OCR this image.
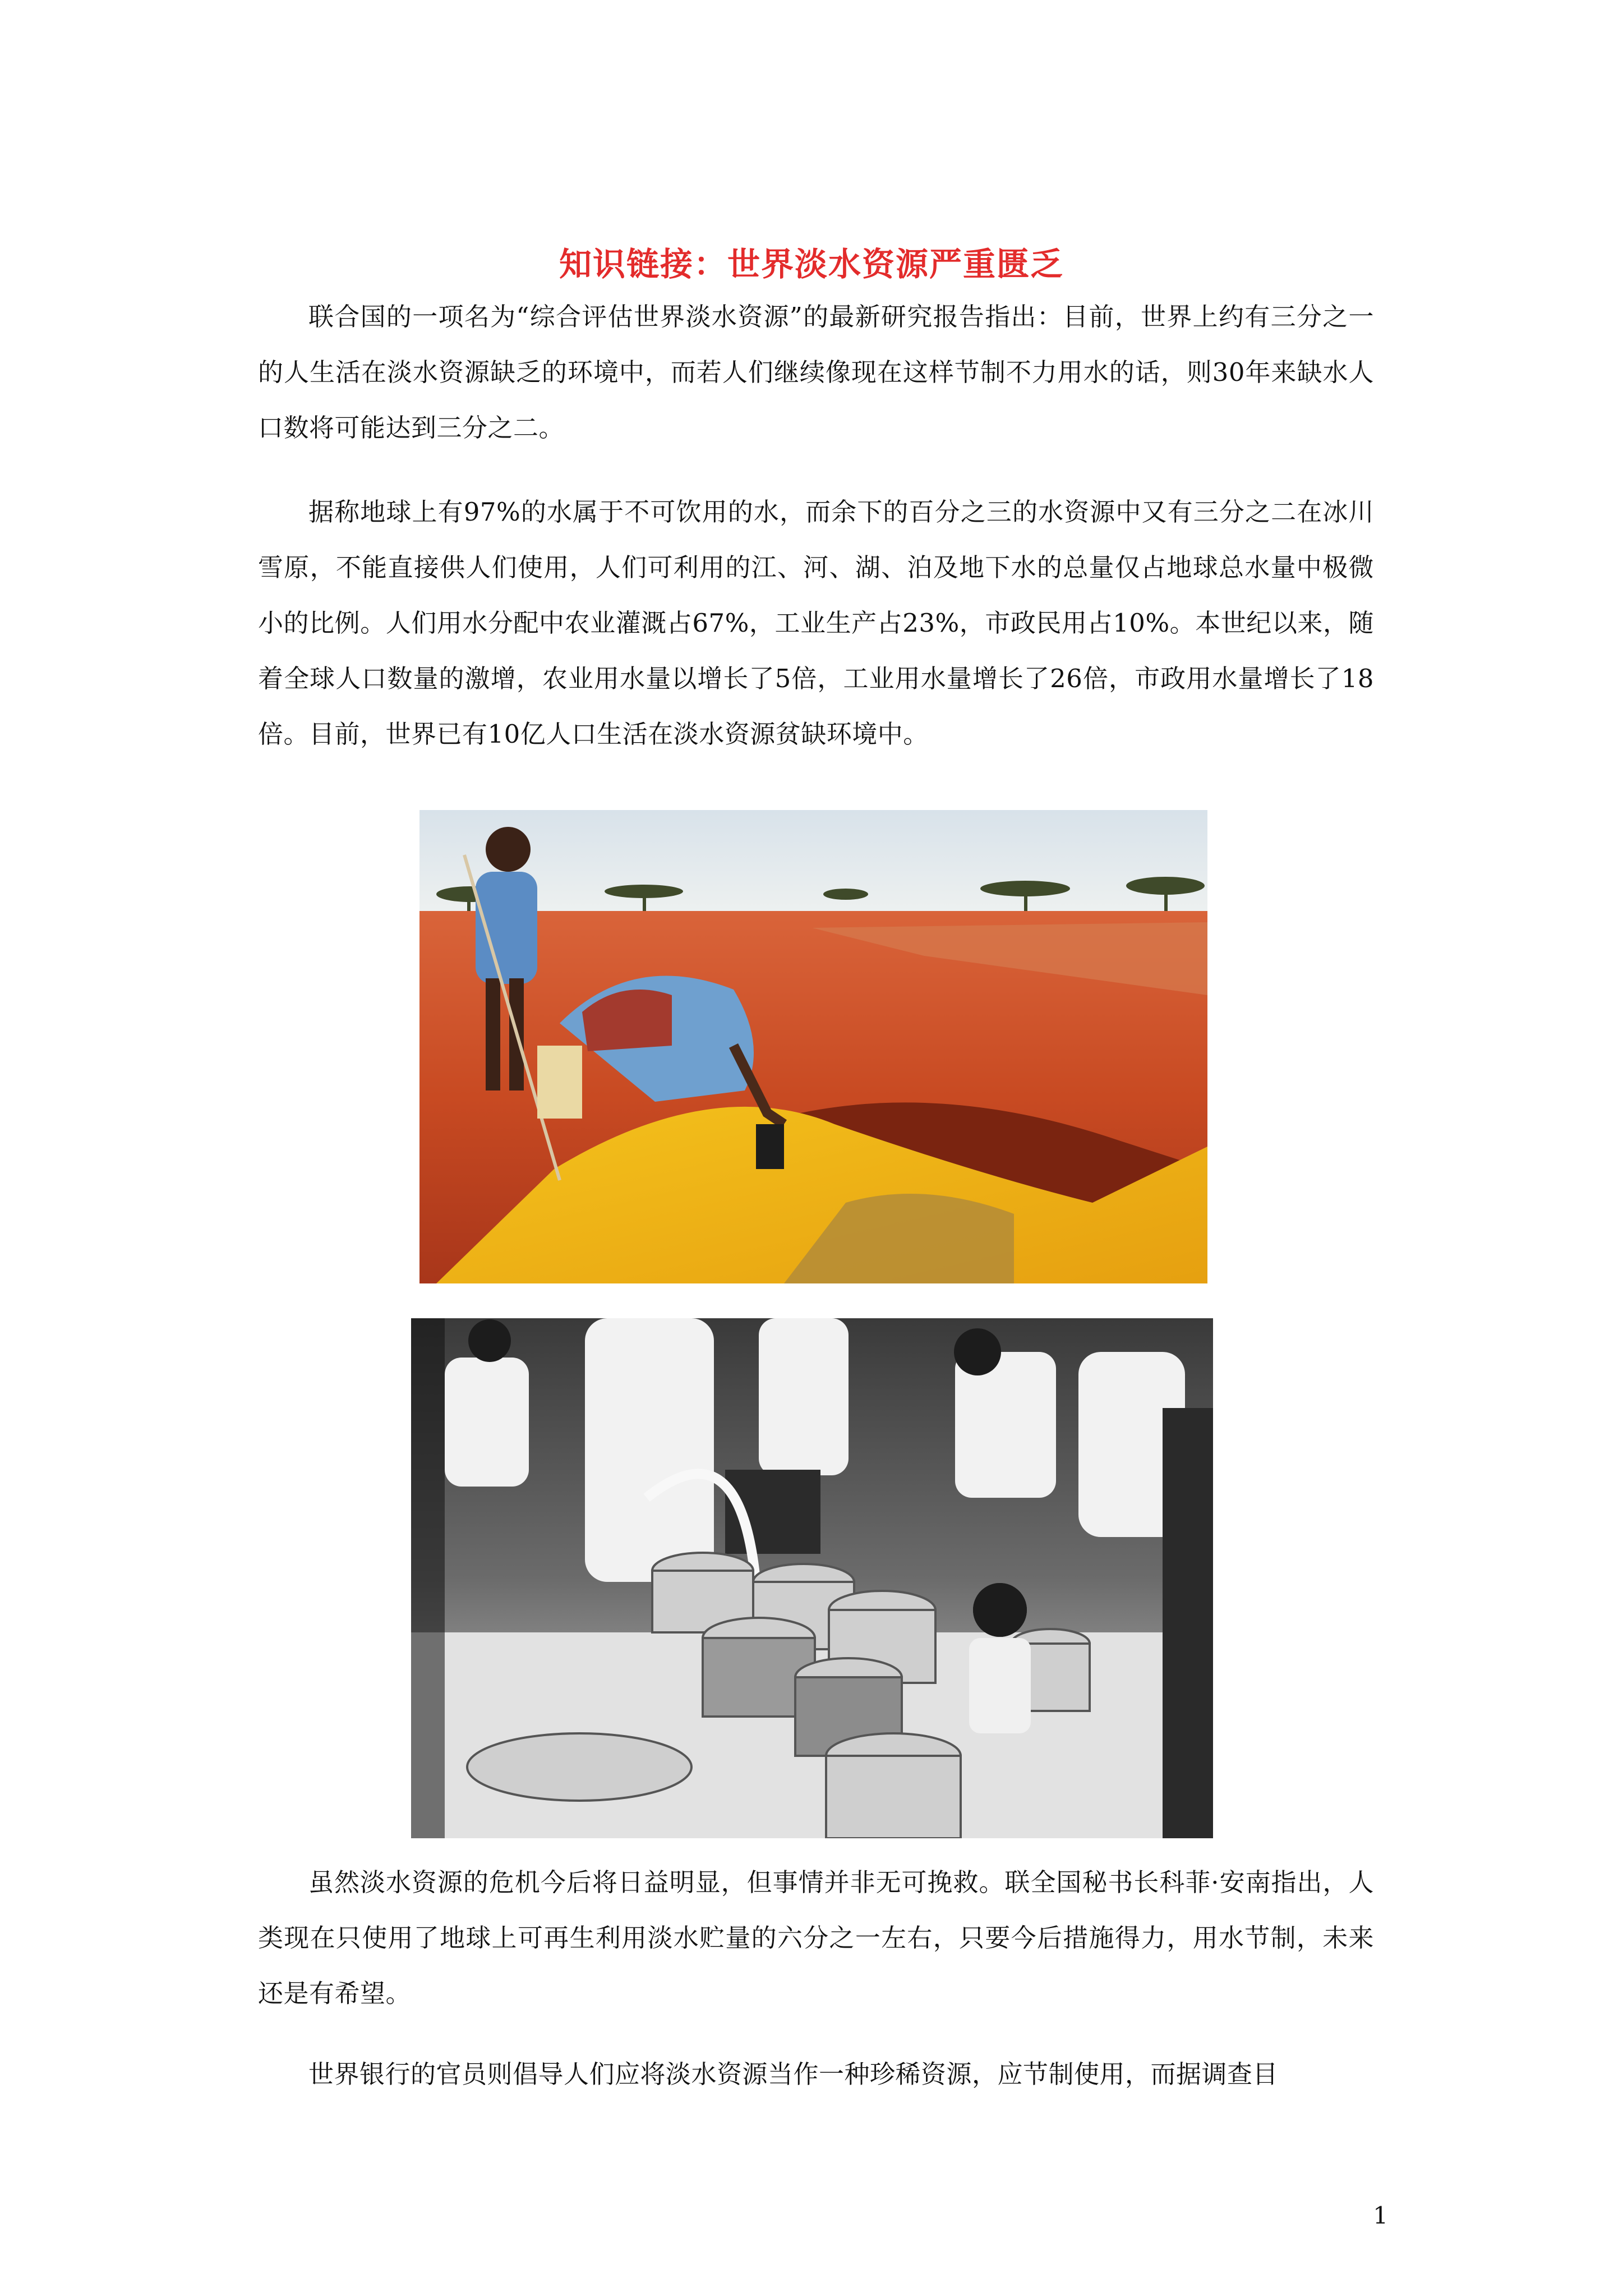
知识链接：世界淡水资源严重匮乏

联合国的一项名为“综合评估世界淡水资源”的最新研究报告指出：目前，世界上约有三分之一的人生活在淡水资源缺乏的环境中，而若人们继续像现在这样节制不力用水的话，则30年来缺水人口数将可能达到三分之二。

据称地球上有97%的水属于不可饮用的水，而余下的百分之三的水资源中又有三分之二在冰川雪原，不能直接供人们使用，人们可利用的江、河、湖、泊及地下水的总量仅占地球总水量中极微小的比例。人们用水分配中农业灌溉占67%，工业生产占23%，市政民用占10%。本世纪以来，随着全球人口数量的激增，农业用水量以增长了5倍，工业用水量增长了26倍，市政用水量增长了18倍。目前，世界已有10亿人口生活在淡水资源贫缺环境中。

虽然淡水资源的危机今后将日益明显，但事情并非无可挽救。联全国秘书长科菲·安南指出，人类现在只使用了地球上可再生利用淡水贮量的六分之一左右，只要今后措施得力，用水节制，未来还是有希望。

世界银行的官员则倡导人们应将淡水资源当作一种珍稀资源，应节制使用，而据调查目

1
